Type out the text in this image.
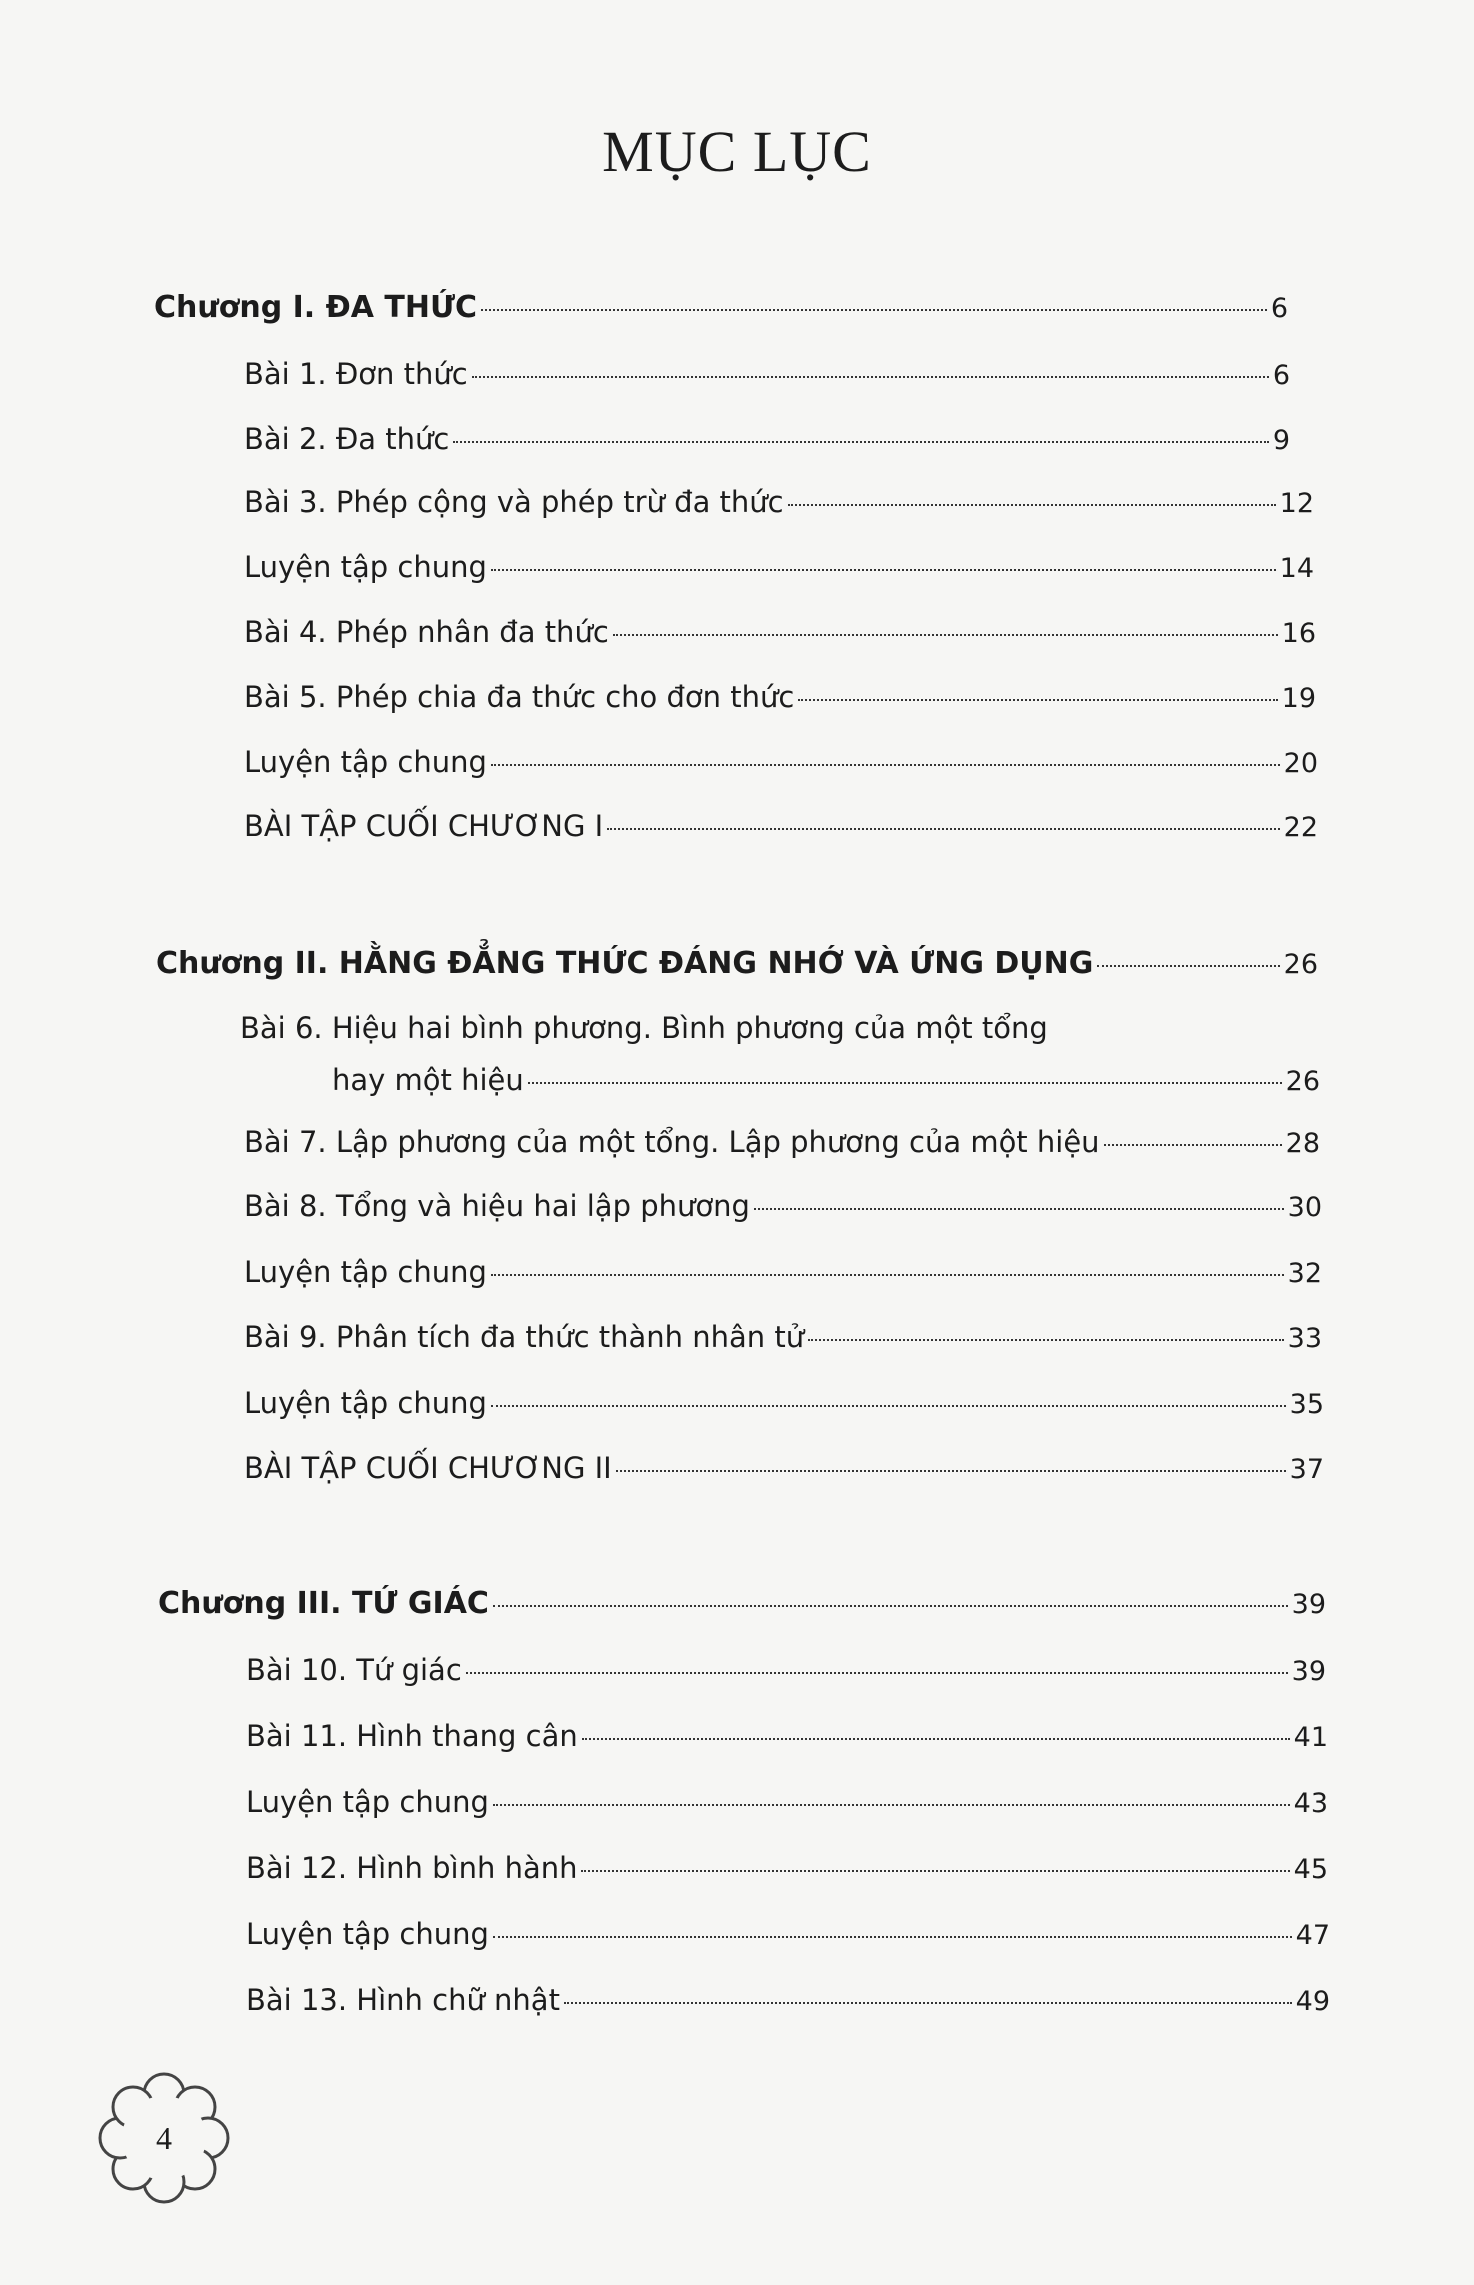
MỤC LỤC
Chương I. ĐA THỨC	6
Bài 1. Đơn thức	6
Bài 2. Đa thức	9
Bài 3. Phép cộng và phép trừ đa thức	12
Luyện tập chung	14
Bài 4. Phép nhân đa thức	16
Bài 5. Phép chia đa thức cho đơn thức	19
Luyện tập chung	20
BÀI TẬP CUỐI CHƯƠNG I	22
Chương II. HẰNG ĐẲNG THỨC ĐÁNG NHỚ VÀ ỨNG DỤNG	26
Bài 6. Hiệu hai bình phương. Bình phương của một tổng
hay một hiệu	26
Bài 7. Lập phương của một tổng. Lập phương của một hiệu	28
Bài 8. Tổng và hiệu hai lập phương	30
Luyện tập chung	32
Bài 9. Phân tích đa thức thành nhân tử	33
Luyện tập chung	35
BÀI TẬP CUỐI CHƯƠNG II	37
Chương III. TỨ GIÁC	39
Bài 10. Tứ giác	39
Bài 11. Hình thang cân	41
Luyện tập chung	43
Bài 12. Hình bình hành	45
Luyện tập chung	47
Bài 13. Hình chữ nhật	49
4
